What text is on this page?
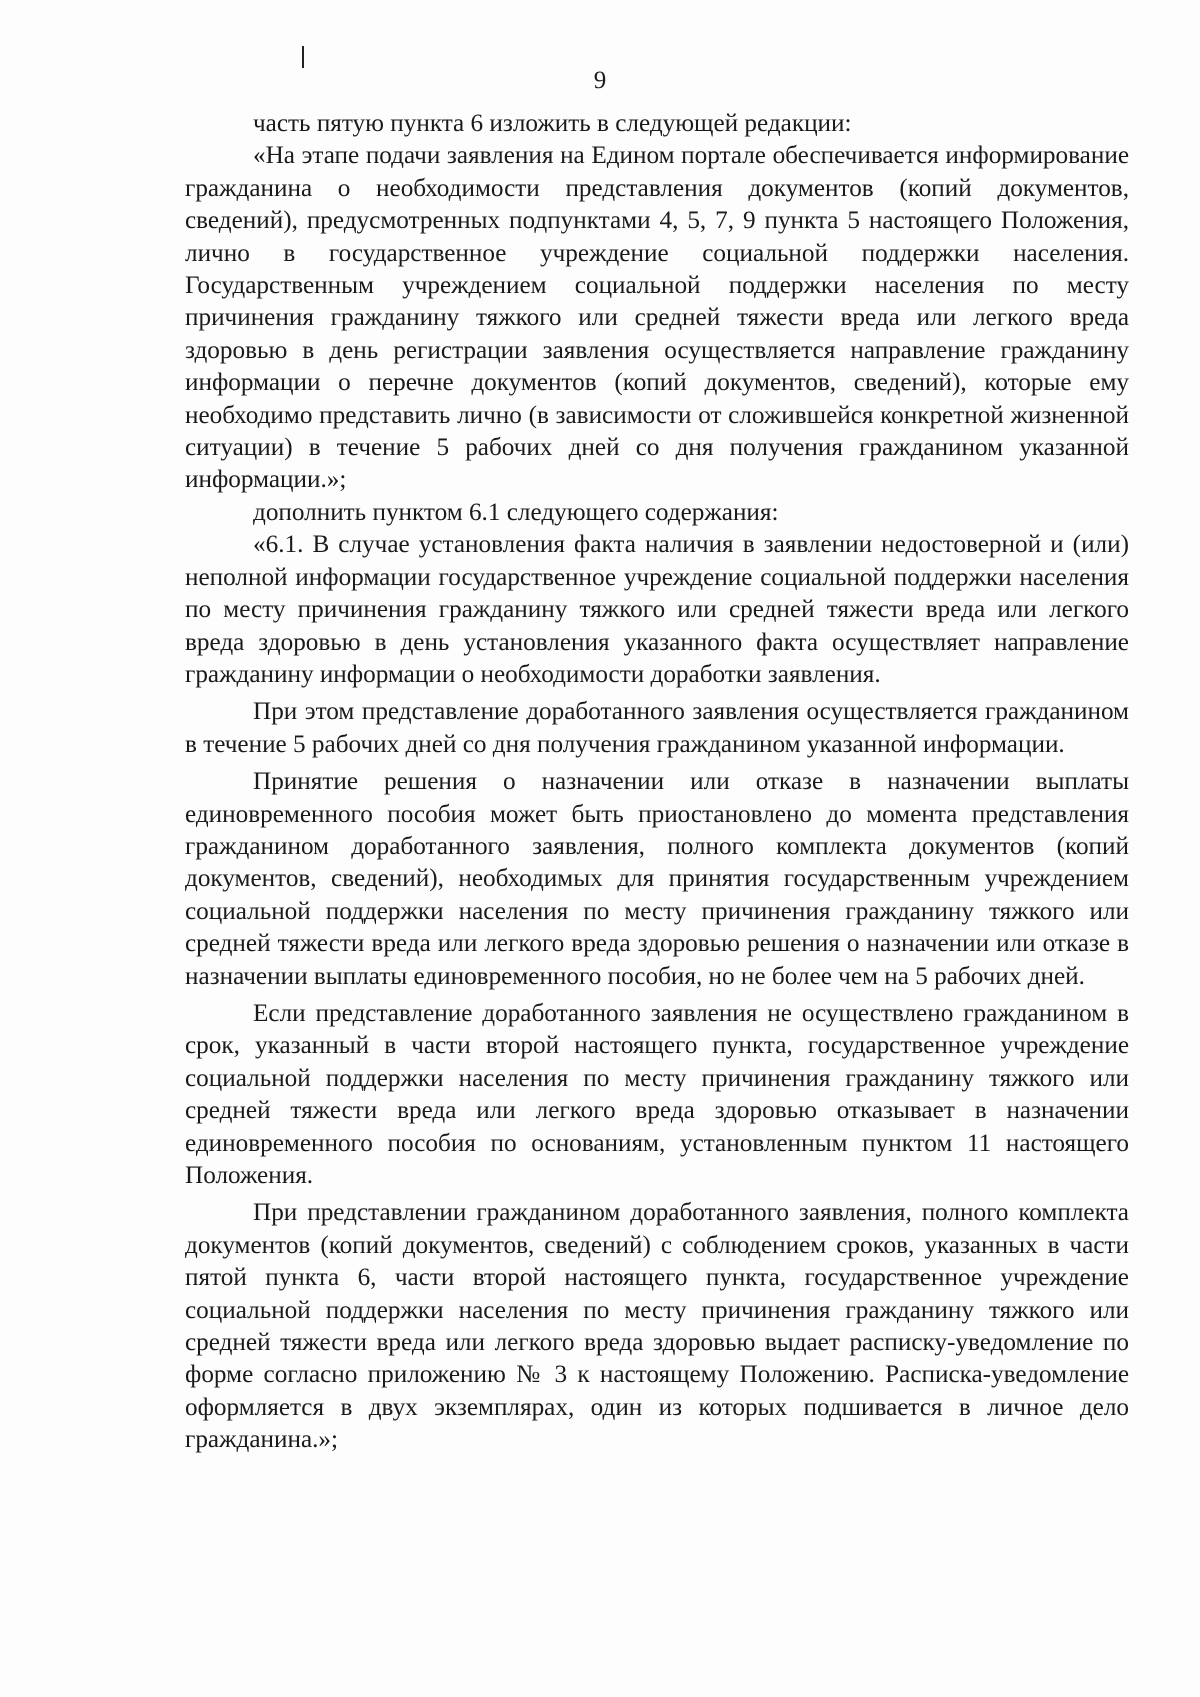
9

часть пятую пункта 6 изложить в следующей редакции:

«На этапе подачи заявления на Едином портале обеспечивается информирование гражданина о необходимости представления документов (копий документов, сведений), предусмотренных подпунктами 4, 5, 7, 9 пункта 5 настоящего Положения, лично в государственное учреждение социальной поддержки населения. Государственным учреждением социальной поддержки населения по месту причинения гражданину тяжкого или средней тяжести вреда или легкого вреда здоровью в день регистрации заявления осуществляется направление гражданину информации о перечне документов (копий документов, сведений), которые ему необходимо представить лично (в зависимости от сложившейся конкретной жизненной ситуации) в течение 5 рабочих дней со дня получения гражданином указанной информации.»;

дополнить пунктом 6.1 следующего содержания:

«6.1. В случае установления факта наличия в заявлении недостоверной и (или) неполной информации государственное учреждение социальной поддержки населения по месту причинения гражданину тяжкого или средней тяжести вреда или легкого вреда здоровью в день установления указанного факта осуществляет направление гражданину информации о необходимости доработки заявления.

При этом представление доработанного заявления осуществляется гражданином в течение 5 рабочих дней со дня получения гражданином указанной информации.

Принятие решения о назначении или отказе в назначении выплаты единовременного пособия может быть приостановлено до момента представления гражданином доработанного заявления, полного комплекта документов (копий документов, сведений), необходимых для принятия государственным учреждением социальной поддержки населения по месту причинения гражданину тяжкого или средней тяжести вреда или легкого вреда здоровью решения о назначении или отказе в назначении выплаты единовременного пособия, но не более чем на 5 рабочих дней.

Если представление доработанного заявления не осуществлено гражданином в срок, указанный в части второй настоящего пункта, государственное учреждение социальной поддержки населения по месту причинения гражданину тяжкого или средней тяжести вреда или легкого вреда здоровью отказывает в назначении единовременного пособия по основаниям, установленным пунктом 11 настоящего Положения.

При представлении гражданином доработанного заявления, полного комплекта документов (копий документов, сведений) с соблюдением сроков, указанных в части пятой пункта 6, части второй настоящего пункта, государственное учреждение социальной поддержки населения по месту причинения гражданину тяжкого или средней тяжести вреда или легкого вреда здоровью выдает расписку-уведомление по форме согласно приложению № 3 к настоящему Положению. Расписка-уведомление оформляется в двух экземплярах, один из которых подшивается в личное дело гражданина.»;
